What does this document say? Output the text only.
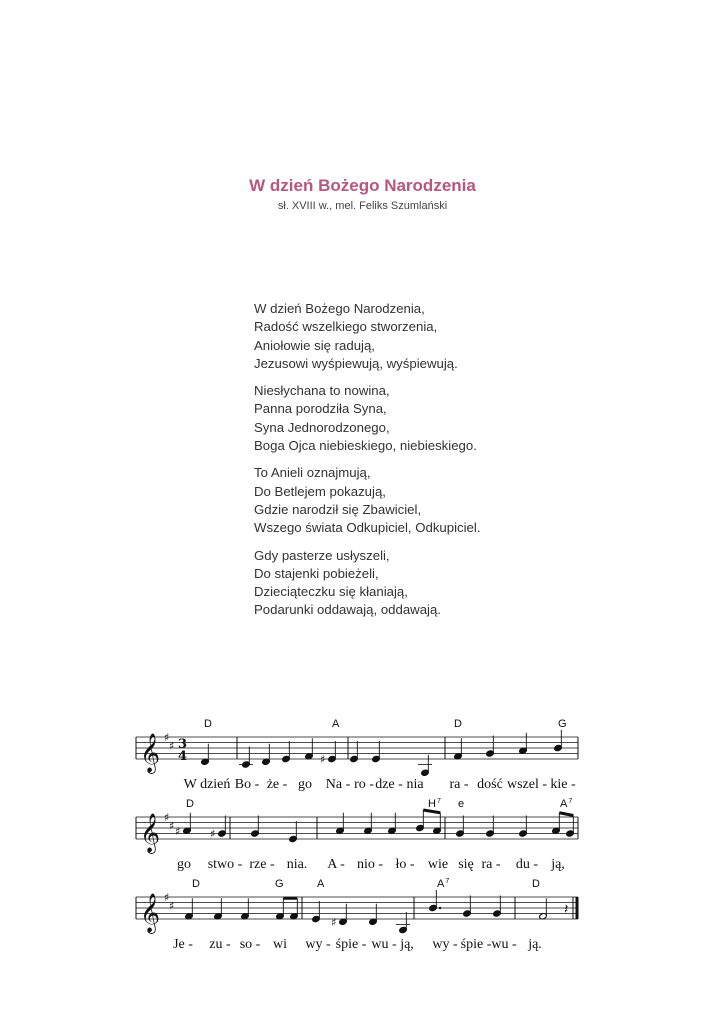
W dzień Bożego Narodzenia
sł. XVIII w., mel. Feliks Szumlański
W dzień Bożego Narodzenia,
Radość wszelkiego stworzenia,
Aniołowie się radują,
Jezusowi wyśpiewują, wyśpiewują.
Niesłychana to nowina,
Panna porodziła Syna,
Syna Jednorodzonego,
Boga Ojca niebieskiego, niebieskiego.
To Anieli oznajmują,
Do Betlejem pokazują,
Gdzie narodził się Zbawiciel,
Wszego świata Odkupiciel, Odkupiciel.
Gdy pasterze usłyszeli,
Do stajenki pobieżeli,
Dzieciąteczku się kłaniają,
Podarunki oddawają, oddawają.
𝄞 ♯
♯ 3
4	♯
D	A	D	G
W dzień Bo - że - go Na - ro - dze - nia ra - dość wszel - kie -
𝄞 ♯
♯ ♯	♯
D	$H^7$ e	$A^7$
go stwo - rze - nia. A - nio - ło - wie się ra - du - ją,
𝄞 ♯
♯
♯
𝄽
D	G	A	$A^7$	D
Je - zu - so - wi wy - śpie - wu - ją, wy - śpie - wu - ją.
